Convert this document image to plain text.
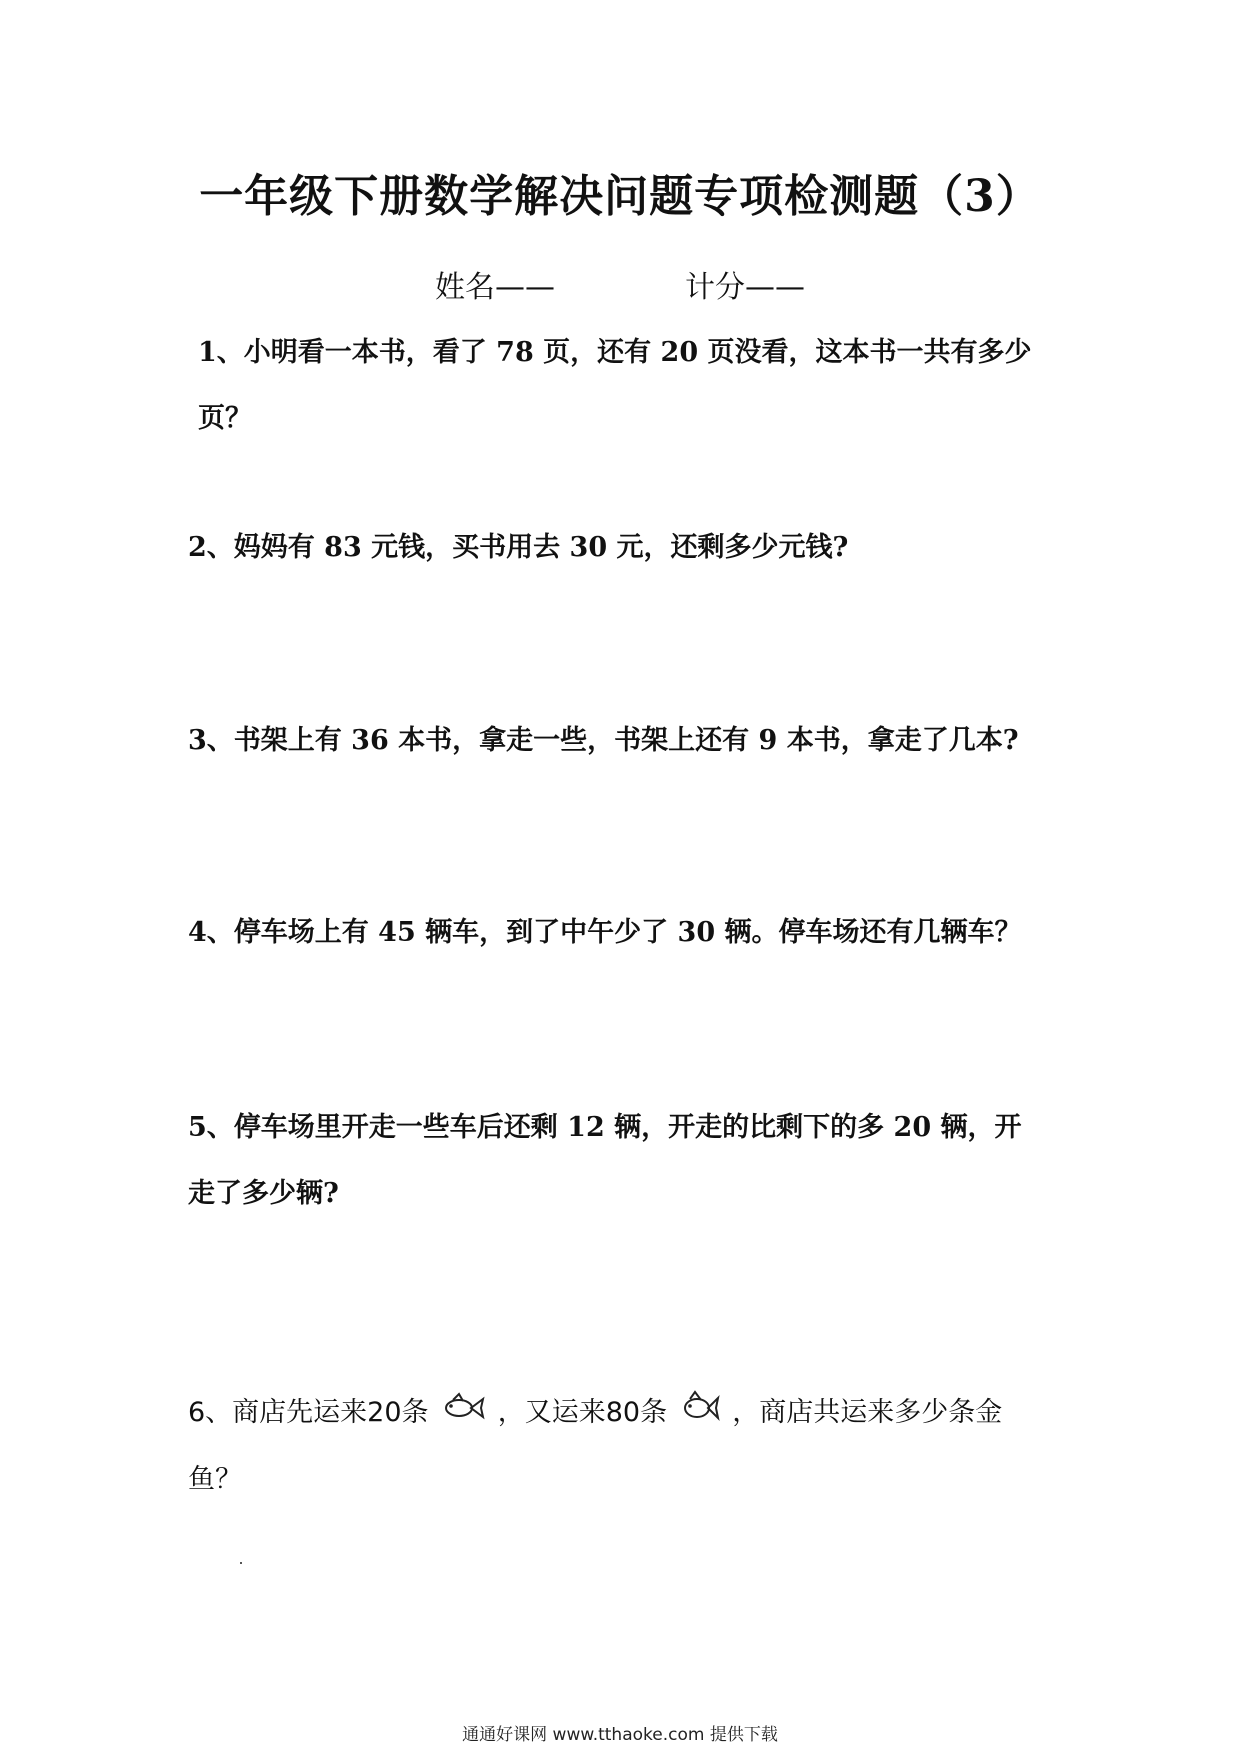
一年级下册数学解决问题专项检测题（3）
姓名——	计分——
1、小明看一本书，看了 78 页，还有 20 页没看，这本书一共有多少
页？
2、妈妈有 83 元钱，买书用去 30 元，还剩多少元钱?
3、书架上有 36 本书，拿走一些，书架上还有 9 本书，拿走了几本?
4、停车场上有 45 辆车，到了中午少了 30 辆。停车场还有几辆车？
5、停车场里开走一些车后还剩 12 辆，开走的比剩下的多 20 辆，开
走了多少辆?
6、商店先运来20条	，又运来80条 ，商店共运来多少条金
鱼？
通通好课网 www.tthaoke.com 提供下载
